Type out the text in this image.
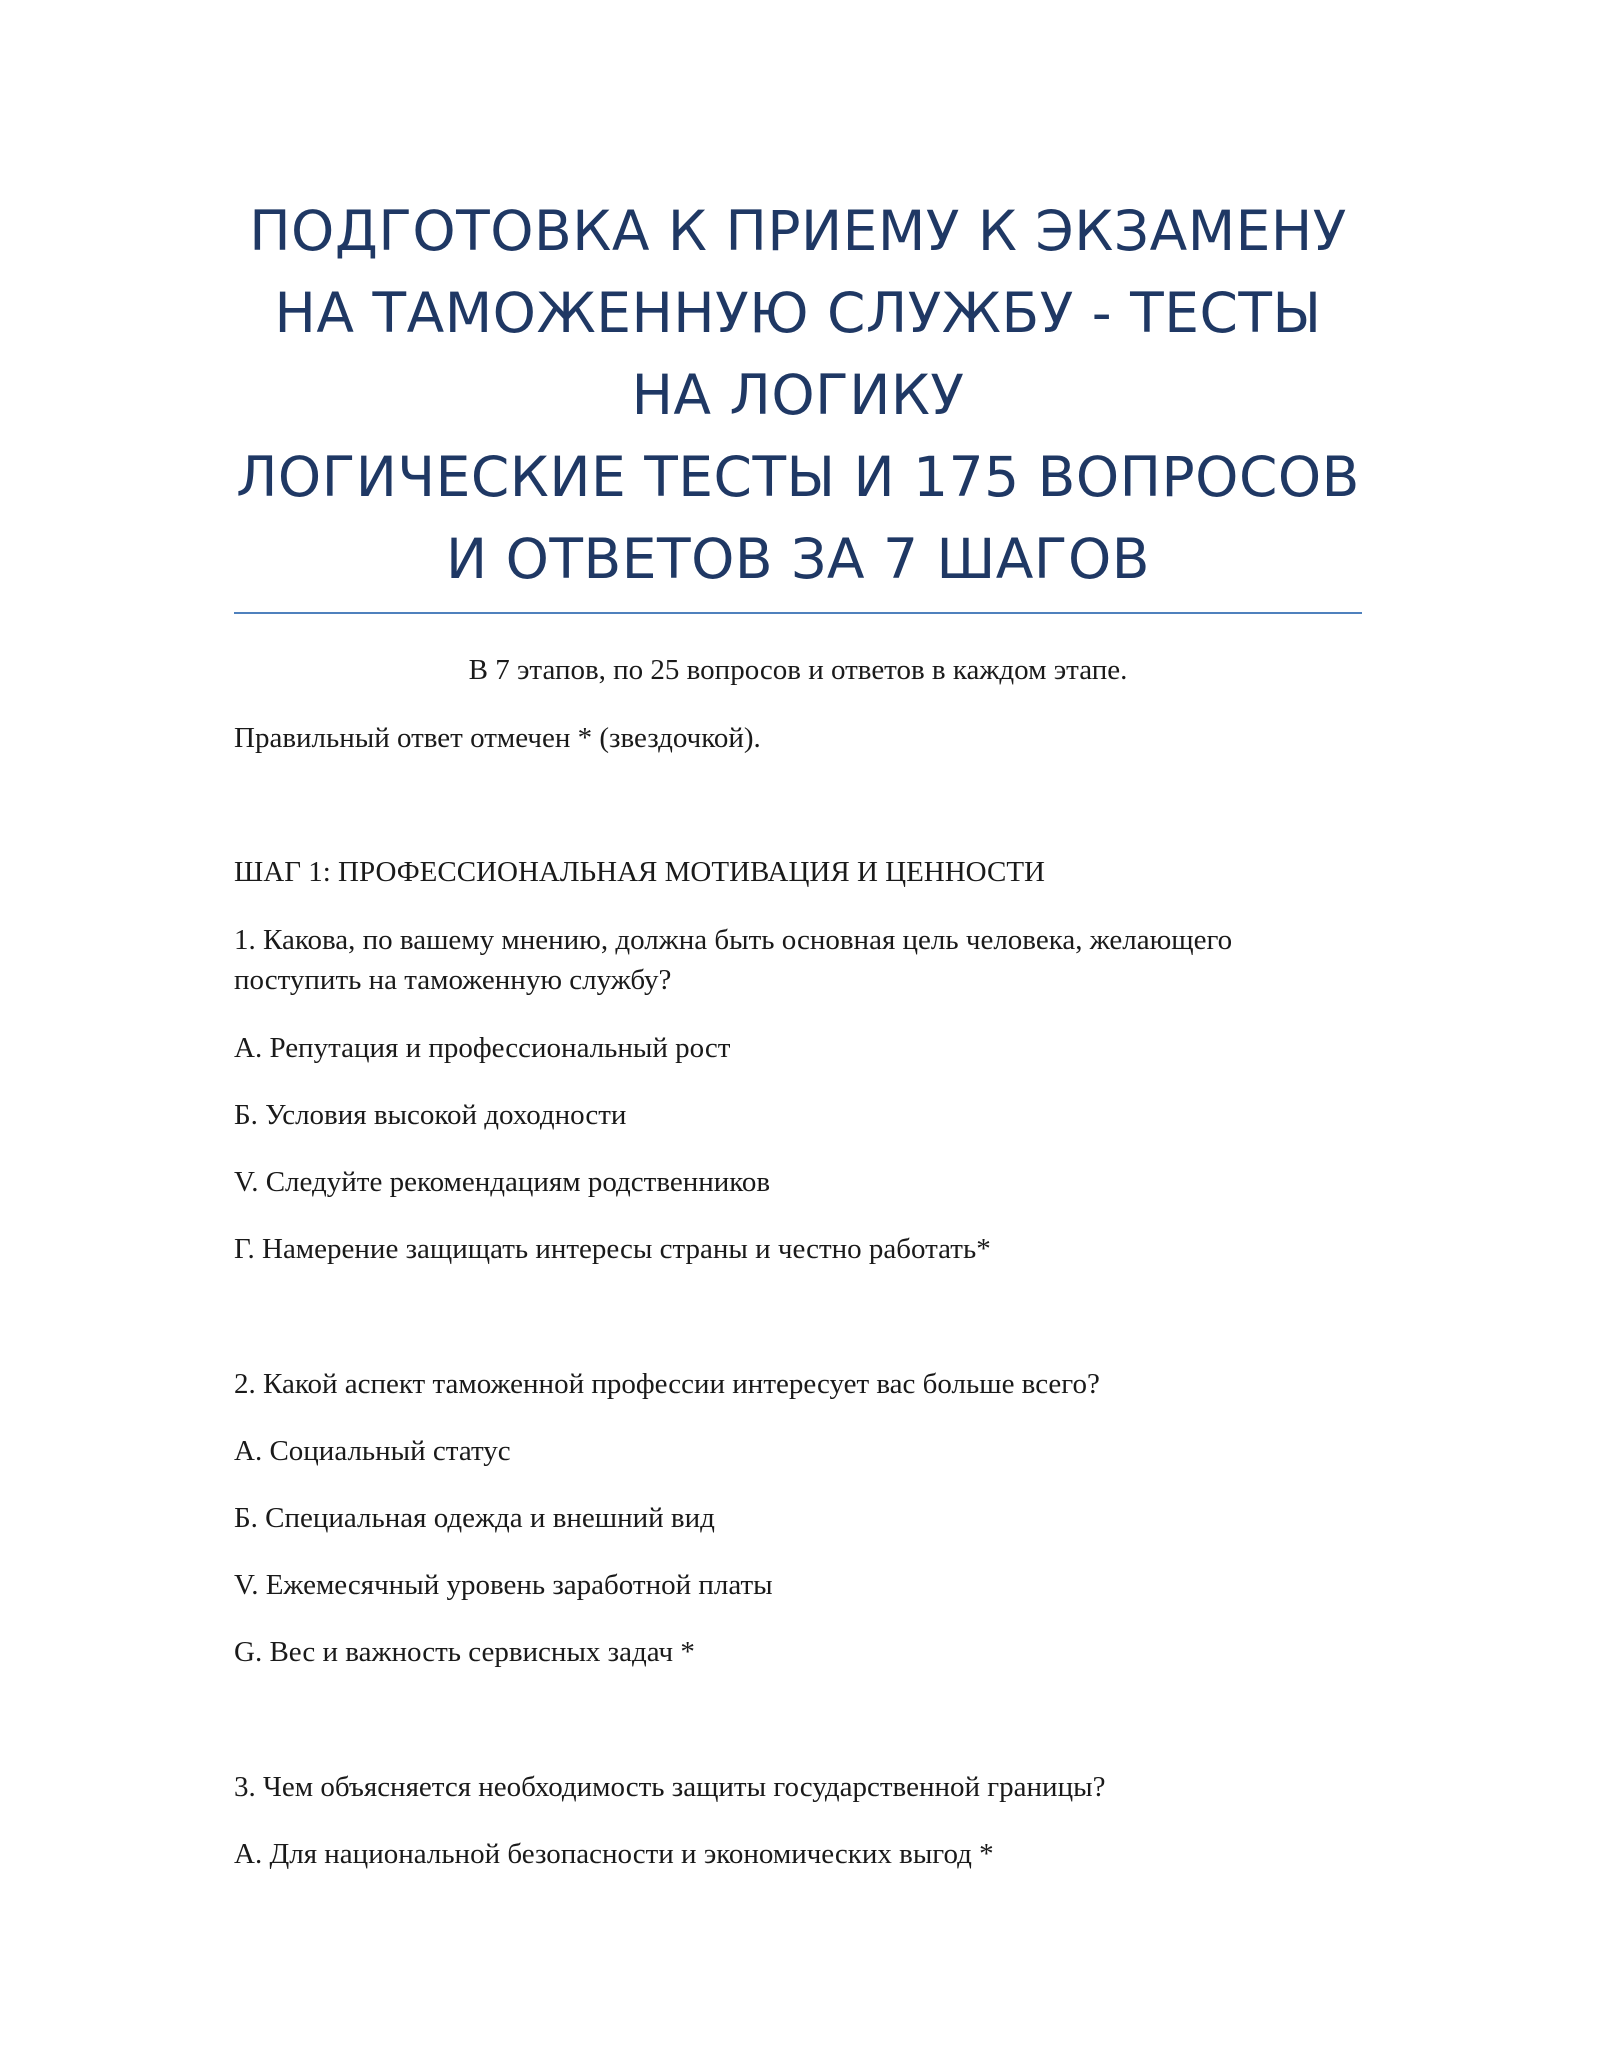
ПОДГОТОВКА К ПРИЕМУ К ЭКЗАМЕНУ
НА ТАМОЖЕННУЮ СЛУЖБУ - ТЕСТЫ
НА ЛОГИКУ
ЛОГИЧЕСКИЕ ТЕСТЫ И 175 ВОПРОСОВ
И ОТВЕТОВ ЗА 7 ШАГОВ

В 7 этапов, по 25 вопросов и ответов в каждом этапе.

Правильный ответ отмечен * (звездочкой).

ШАГ 1: ПРОФЕССИОНАЛЬНАЯ МОТИВАЦИЯ И ЦЕННОСТИ

1. Какова, по вашему мнению, должна быть основная цель человека, желающего

поступить на таможенную службу?

А. Репутация и профессиональный рост

Б. Условия высокой доходности

V. Следуйте рекомендациям родственников

Г. Намерение защищать интересы страны и честно работать*

2. Какой аспект таможенной профессии интересует вас больше всего?

А. Социальный статус

Б. Специальная одежда и внешний вид

V. Ежемесячный уровень заработной платы

G. Вес и важность сервисных задач *

3. Чем объясняется необходимость защиты государственной границы?

А. Для национальной безопасности и экономических выгод *
